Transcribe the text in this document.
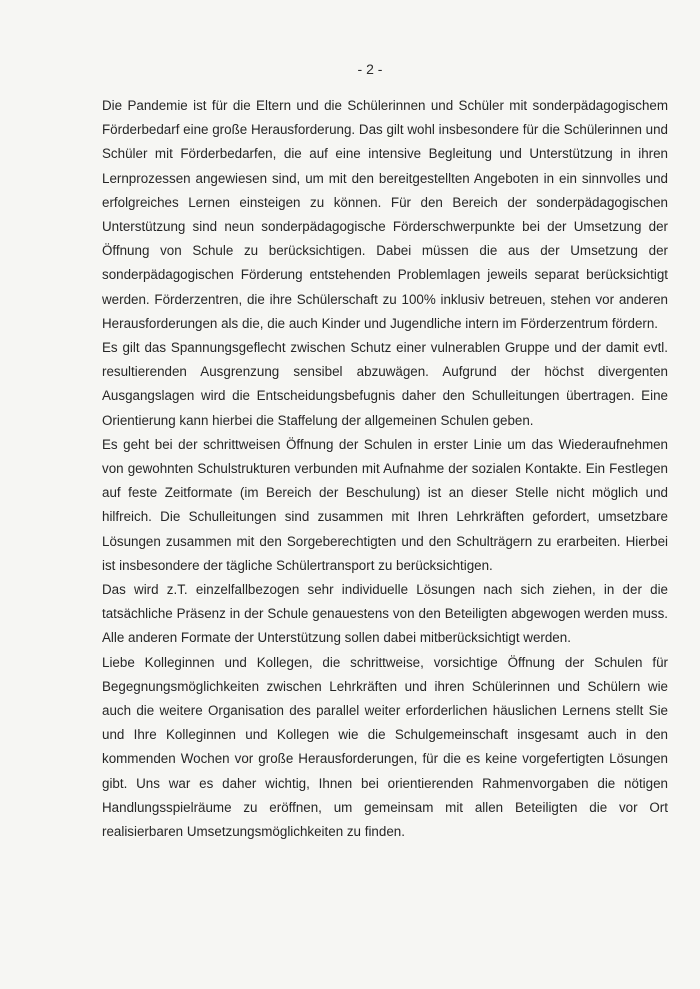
- 2 -

Die Pandemie ist für die Eltern und die Schülerinnen und Schüler mit sonderpädagogischem Förderbedarf eine große Herausforderung. Das gilt wohl insbesondere für die Schülerinnen und Schüler mit Förderbedarfen, die auf eine intensive Begleitung und Unterstützung in ihren Lernprozessen angewiesen sind, um mit den bereitgestellten Angeboten in ein sinnvolles und erfolgreiches Lernen einsteigen zu können. Für den Bereich der sonderpädagogischen Unterstützung sind neun sonderpädagogische Förderschwerpunkte bei der Umsetzung der Öffnung von Schule zu berücksichtigen. Dabei müssen die aus der Umsetzung der sonderpädagogischen Förderung entstehenden Problemlagen jeweils separat berücksichtigt werden. Förderzentren, die ihre Schülerschaft zu 100% inklusiv betreuen, stehen vor anderen Herausforderungen als die, die auch Kinder und Jugendliche intern im Förderzentrum fördern.

Es gilt das Spannungsgeflecht zwischen Schutz einer vulnerablen Gruppe und der damit evtl. resultierenden Ausgrenzung sensibel abzuwägen. Aufgrund der höchst divergenten Ausgangslagen wird die Entscheidungsbefugnis daher den Schulleitungen übertragen. Eine Orientierung kann hierbei die Staffelung der allgemeinen Schulen geben.

Es geht bei der schrittweisen Öffnung der Schulen in erster Linie um das Wiederaufnehmen von gewohnten Schulstrukturen verbunden mit Aufnahme der sozialen Kontakte. Ein Festlegen auf feste Zeitformate (im Bereich der Beschulung) ist an dieser Stelle nicht möglich und hilfreich. Die Schulleitungen sind zusammen mit Ihren Lehrkräften gefordert, umsetzbare Lösungen zusammen mit den Sorgeberechtigten und den Schulträgern zu erarbeiten. Hierbei ist insbesondere der tägliche Schülertransport zu berücksichtigen.

Das wird z.T. einzelfallbezogen sehr individuelle Lösungen nach sich ziehen, in der die tatsächliche Präsenz in der Schule genauestens von den Beteiligten abgewogen werden muss. Alle anderen Formate der Unterstützung sollen dabei mitberücksichtigt werden.

Liebe Kolleginnen und Kollegen, die schrittweise, vorsichtige Öffnung der Schulen für Begegnungsmöglichkeiten zwischen Lehrkräften und ihren Schülerinnen und Schülern wie auch die weitere Organisation des parallel weiter erforderlichen häuslichen Lernens stellt Sie und Ihre Kolleginnen und Kollegen wie die Schulgemeinschaft insgesamt auch in den kommenden Wochen vor große Herausforderungen, für die es keine vorgefertigten Lösungen gibt. Uns war es daher wichtig, Ihnen bei orientierenden Rahmenvorgaben die nötigen Handlungsspielräume zu eröffnen, um gemeinsam mit allen Beteiligten die vor Ort realisierbaren Umsetzungsmöglichkeiten zu finden.
